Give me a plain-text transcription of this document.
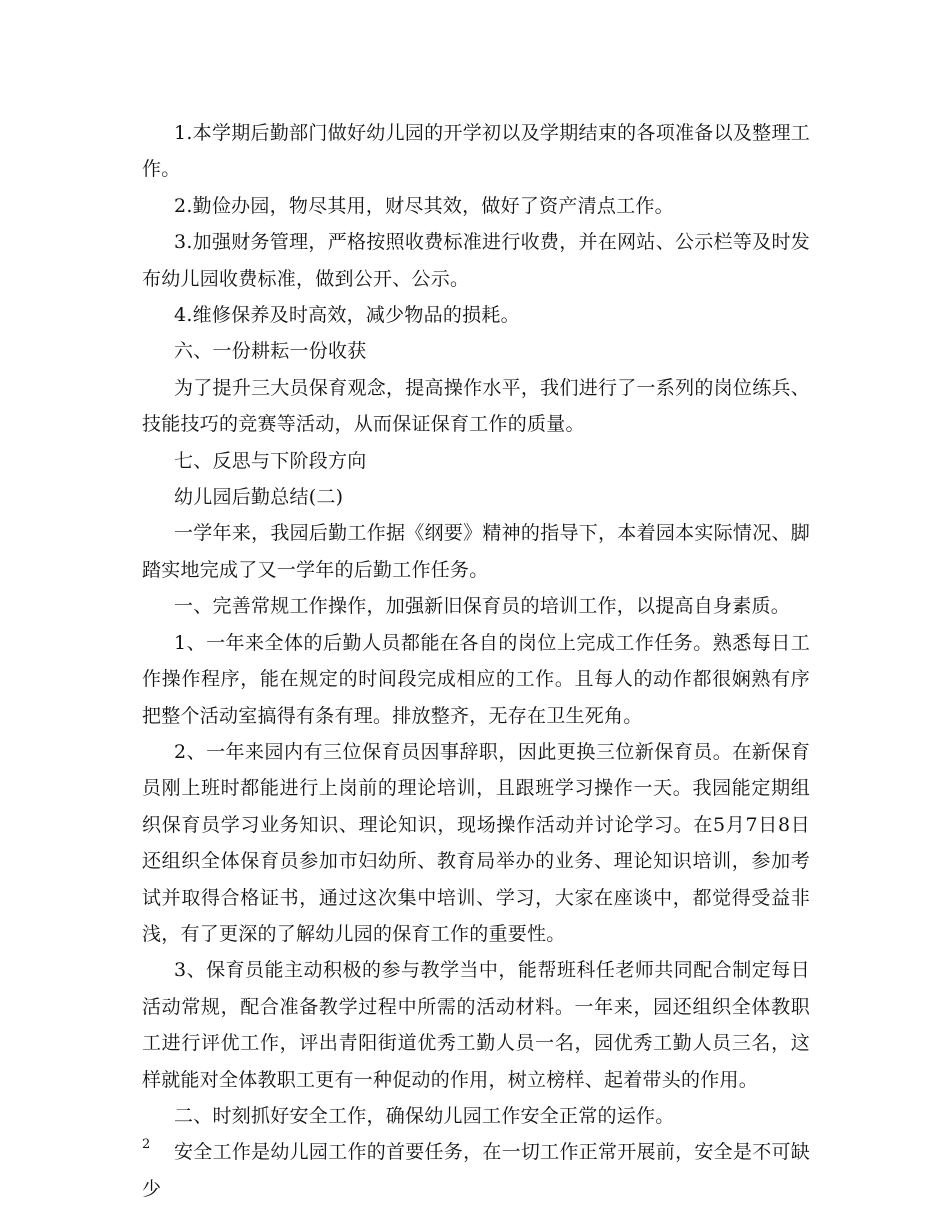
1.本学期后勤部门做好幼儿园的开学初以及学期结束的各项准备以及整理工作。

2.勤俭办园，物尽其用，财尽其效，做好了资产清点工作。

3.加强财务管理，严格按照收费标准进行收费，并在网站、公示栏等及时发布幼儿园收费标准，做到公开、公示。

4.维修保养及时高效，减少物品的损耗。

六、一份耕耘一份收获

为了提升三大员保育观念，提高操作水平，我们进行了一系列的岗位练兵、技能技巧的竞赛等活动，从而保证保育工作的质量。

七、反思与下阶段方向

幼儿园后勤总结(二)

一学年来，我园后勤工作据《纲要》精神的指导下，本着园本实际情况、脚踏实地完成了又一学年的后勤工作任务。

一、完善常规工作操作，加强新旧保育员的培训工作，以提高自身素质。

1、一年来全体的后勤人员都能在各自的岗位上完成工作任务。熟悉每日工作操作程序，能在规定的时间段完成相应的工作。且每人的动作都很娴熟有序把整个活动室搞得有条有理。排放整齐，无存在卫生死角。

2、一年来园内有三位保育员因事辞职，因此更换三位新保育员。在新保育员刚上班时都能进行上岗前的理论培训，且跟班学习操作一天。我园能定期组织保育员学习业务知识、理论知识，现场操作活动并讨论学习。在5月7日8日还组织全体保育员参加市妇幼所、教育局举办的业务、理论知识培训，参加考试并取得合格证书，通过这次集中培训、学习，大家在座谈中，都觉得受益非浅，有了更深的了解幼儿园的保育工作的重要性。

3、保育员能主动积极的参与教学当中，能帮班科任老师共同配合制定每日活动常规，配合准备教学过程中所需的活动材料。一年来，园还组织全体教职工进行评优工作，评出青阳街道优秀工勤人员一名，园优秀工勤人员三名，这样就能对全体教职工更有一种促动的作用，树立榜样、起着带头的作用。

二、时刻抓好安全工作，确保幼儿园工作安全正常的运作。

安全工作是幼儿园工作的首要任务，在一切工作正常开展前，安全是不可缺少

2
